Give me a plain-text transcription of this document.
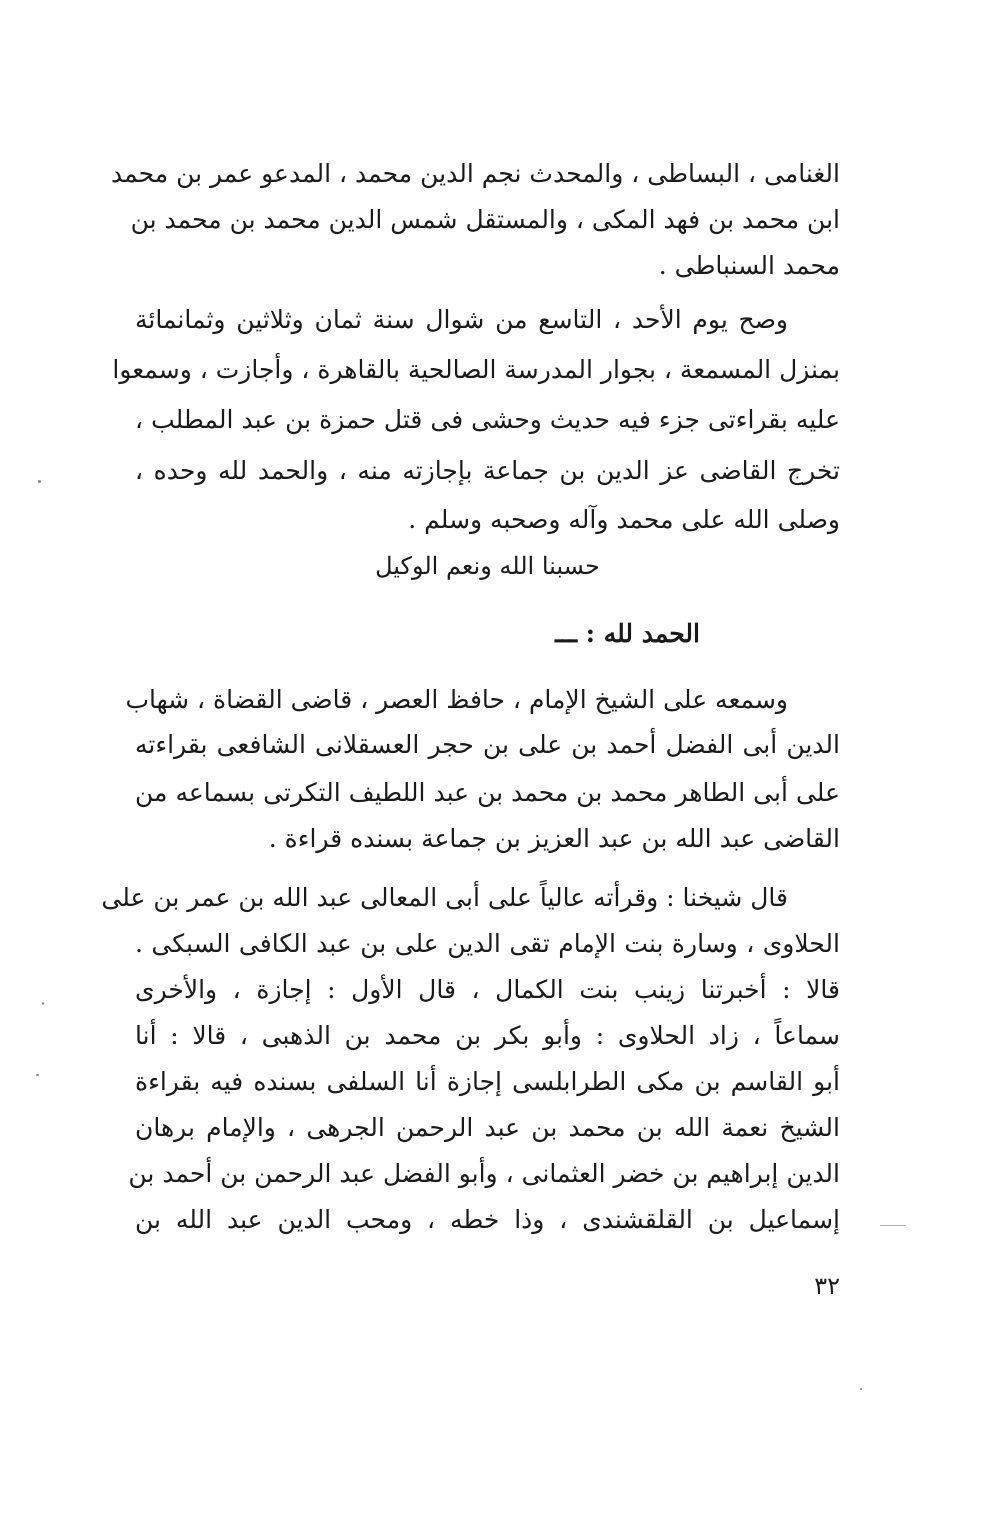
الغنامى ، البساطى ، والمحدث نجم الدين محمد ، المدعو عمر بن محمد
ابن محمد بن فهد المكى ، والمستقل شمس الدين محمد بن محمد بن
محمد السنباطى .
وصح يوم الأحد ، التاسع من شوال سنة ثمان وثلاثين وثمانمائة
بمنزل المسمعة ، بجوار المدرسة الصالحية بالقاهرة ، وأجازت ، وسمعوا
عليه بقراءتى جزء فيه حديث وحشى فى قتل حمزة بن عبد المطلب ،
تخرج القاضى عز الدين بن جماعة بإجازته منه ، والحمد لله وحده ،
وصلى الله على محمد وآله وصحبه وسلم .
حسبنا الله ونعم الوكيل
الحمد لله : ـــ
وسمعه على الشيخ الإمام ، حافظ العصر ، قاضى القضاة ، شهاب
الدين أبى الفضل أحمد بن على بن حجر العسقلانى الشافعى بقراءته
على أبى الطاهر محمد بن محمد بن عبد اللطيف التكرتى بسماعه من
القاضى عبد الله بن عبد العزيز بن جماعة بسنده قراءة .
قال شيخنا : وقرأته عالياً على أبى المعالى عبد الله بن عمر بن على
الحلاوى ، وسارة بنت الإمام تقى الدين على بن عبد الكافى السبكى .
قالا : أخبرتنا زينب بنت الكمال ، قال الأول : إجازة ، والأخرى
سماعاً ، زاد الحلاوى : وأبو بكر بن محمد بن الذهبى ، قالا : أنا
أبو القاسم بن مكى الطرابلسى إجازة أنا السلفى بسنده فيه بقراءة
الشيخ نعمة الله بن محمد بن عبد الرحمن الجرهى ، والإمام برهان
الدين إبراهيم بن خضر العثمانى ، وأبو الفضل عبد الرحمن بن أحمد بن
إسماعيل بن القلقشندى ، وذا خطه ، ومحب الدين عبد الله بن
٣٢
